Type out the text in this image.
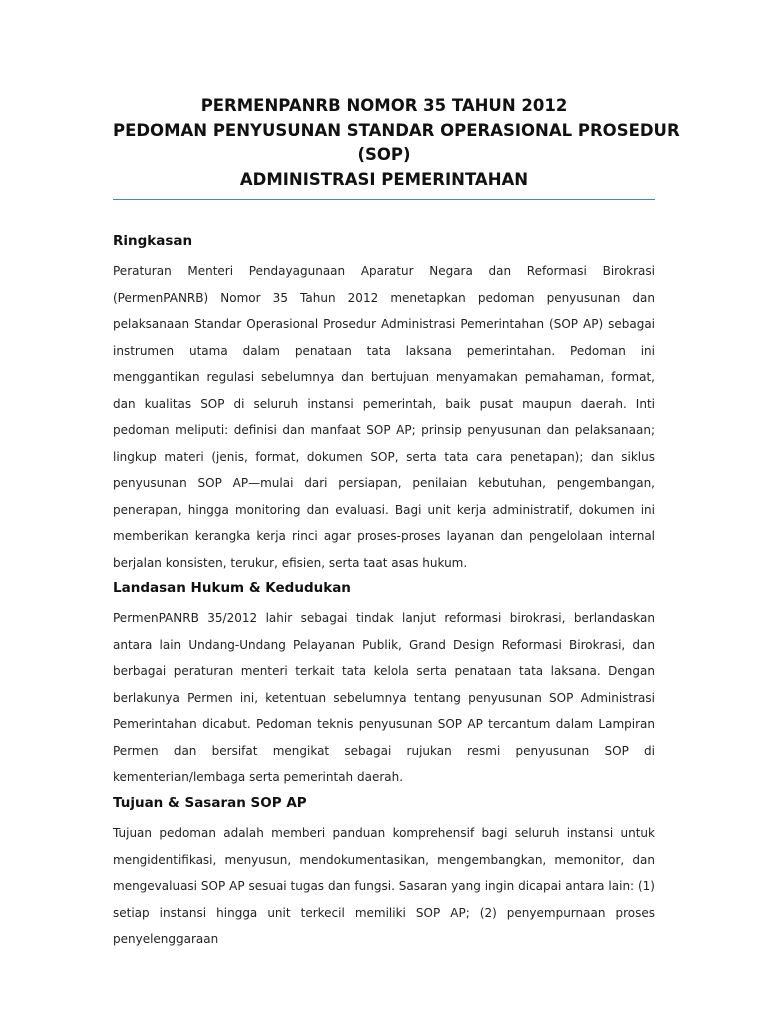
PERMENPANRB NOMOR 35 TAHUN 2012

PEDOMAN PENYUSUNAN STANDAR OPERASIONAL PROSEDUR

(SOP)

ADMINISTRASI PEMERINTAHAN

Ringkasan

Peraturan Menteri Pendayagunaan Aparatur Negara dan Reformasi Birokrasi (PermenPANRB) Nomor 35 Tahun 2012 menetapkan pedoman penyusunan dan pelaksanaan Standar Operasional Prosedur Administrasi Pemerintahan (SOP AP) sebagai instrumen utama dalam penataan tata laksana pemerintahan. Pedoman ini menggantikan regulasi sebelumnya dan bertujuan menyamakan pemahaman, format, dan kualitas SOP di seluruh instansi pemerintah, baik pusat maupun daerah. Inti pedoman meliputi: definisi dan manfaat SOP AP; prinsip penyusunan dan pelaksanaan; lingkup materi (jenis, format, dokumen SOP, serta tata cara penetapan); dan siklus penyusunan SOP AP—mulai dari persiapan, penilaian kebutuhan, pengembangan, penerapan, hingga monitoring dan evaluasi. Bagi unit kerja administratif, dokumen ini memberikan kerangka kerja rinci agar proses-proses layanan dan pengelolaan internal berjalan konsisten, terukur, efisien, serta taat asas hukum.

Landasan Hukum & Kedudukan

PermenPANRB 35/2012 lahir sebagai tindak lanjut reformasi birokrasi, berlandaskan antara lain Undang-Undang Pelayanan Publik, Grand Design Reformasi Birokrasi, dan berbagai peraturan menteri terkait tata kelola serta penataan tata laksana. Dengan berlakunya Permen ini, ketentuan sebelumnya tentang penyusunan SOP Administrasi Pemerintahan dicabut. Pedoman teknis penyusunan SOP AP tercantum dalam Lampiran Permen dan bersifat mengikat sebagai rujukan resmi penyusunan SOP di kementerian/lembaga serta pemerintah daerah.

Tujuan & Sasaran SOP AP

Tujuan pedoman adalah memberi panduan komprehensif bagi seluruh instansi untuk mengidentifikasi, menyusun, mendokumentasikan, mengembangkan, memonitor, dan mengevaluasi SOP AP sesuai tugas dan fungsi. Sasaran yang ingin dicapai antara lain: (1) setiap instansi hingga unit terkecil memiliki SOP AP; (2) penyempurnaan proses penyelenggaraan
